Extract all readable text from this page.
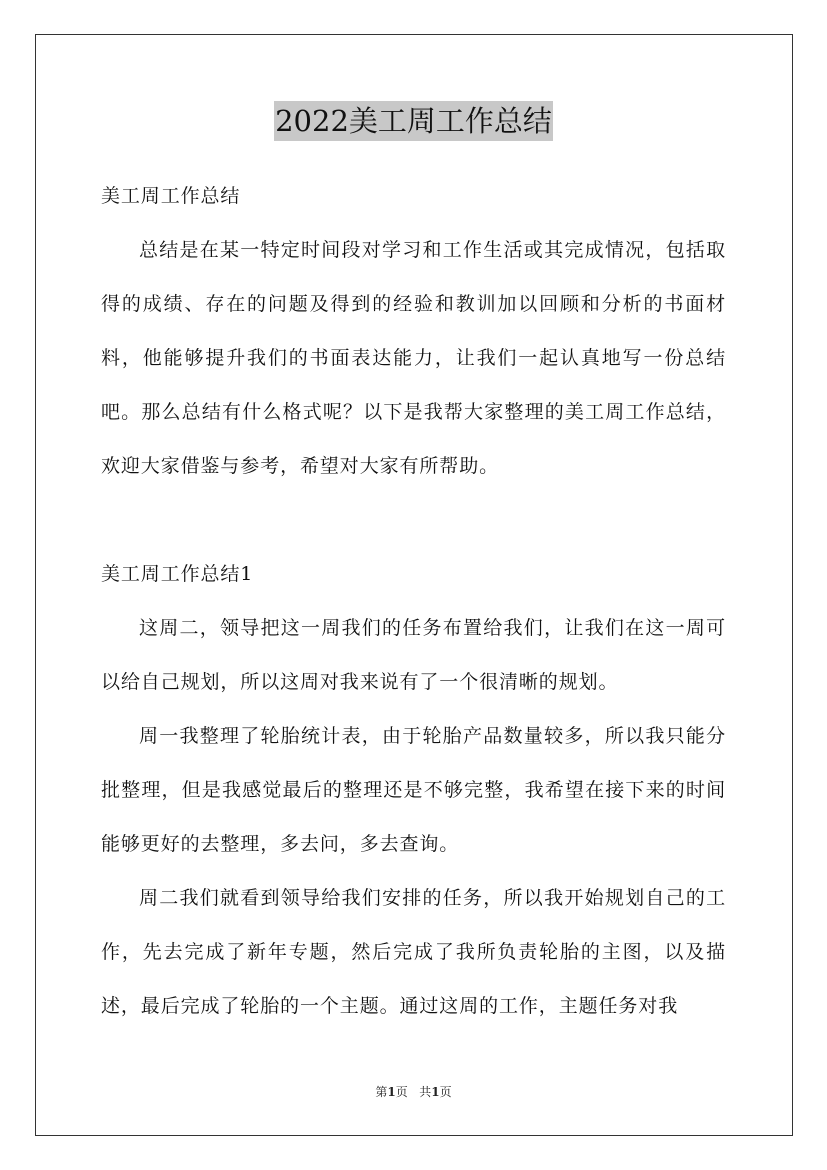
2022美工周工作总结

美工周工作总结

总结是在某一特定时间段对学习和工作生活或其完成情况，包括取得的成绩、存在的问题及得到的经验和教训加以回顾和分析的书面材料，他能够提升我们的书面表达能力，让我们一起认真地写一份总结吧。那么总结有什么格式呢？以下是我帮大家整理的美工周工作总结，欢迎大家借鉴与参考，希望对大家有所帮助。

美工周工作总结1

这周二，领导把这一周我们的任务布置给我们，让我们在这一周可以给自己规划，所以这周对我来说有了一个很清晰的规划。

周一我整理了轮胎统计表，由于轮胎产品数量较多，所以我只能分批整理，但是我感觉最后的整理还是不够完整，我希望在接下来的时间能够更好的去整理，多去问，多去查询。

周二我们就看到领导给我们安排的任务，所以我开始规划自己的工作，先去完成了新年专题，然后完成了我所负责轮胎的主图，以及描述，最后完成了轮胎的一个主题。通过这周的工作，主题任务对我

第1页 共1页
